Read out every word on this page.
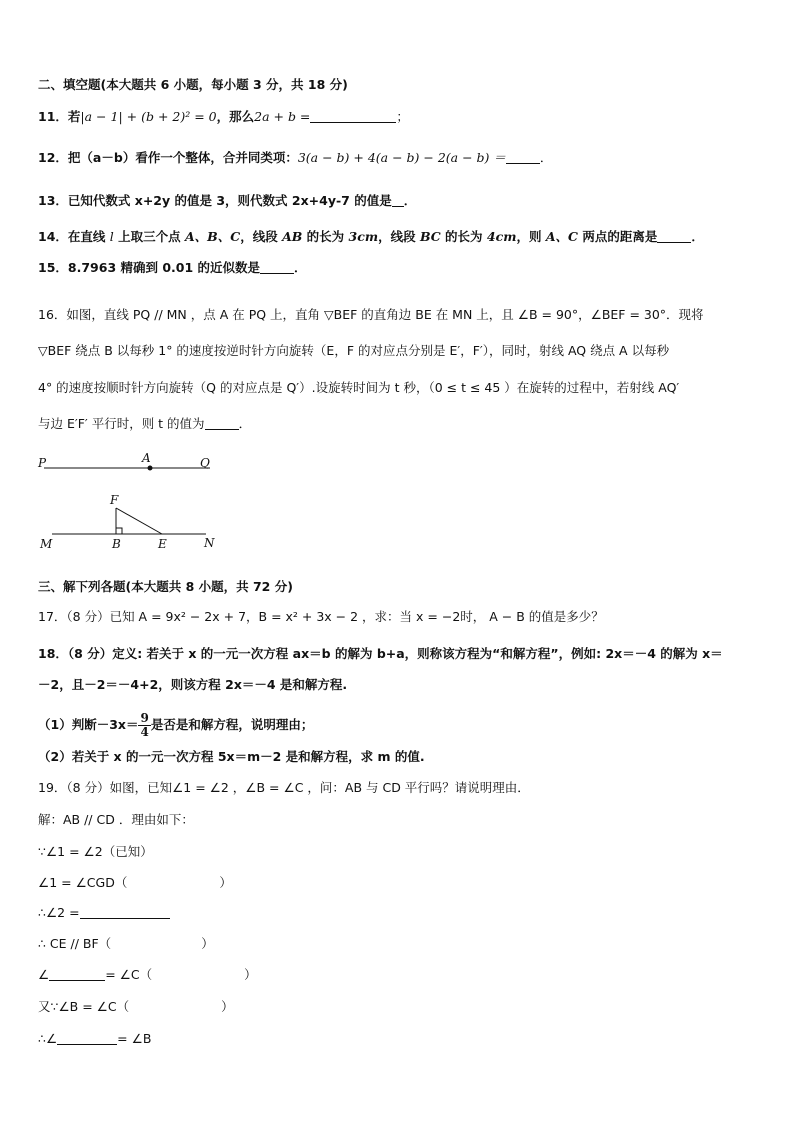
二、填空题(本大题共 6 小题，每小题 3 分，共 18 分)
11．若|a − 1| + (b + 2)² = 0，那么2a + b =	；
12．把（a－b）看作一个整体，合并同类项：3(a − b) + 4(a − b) − 2(a − b) ＝	．
13．已知代数式 x+2y 的值是 3，则代数式 2x+4y-7 的值是 ．
14．在直线 l 上取三个点 A、B、C，线段 AB 的长为 3cm，线段 BC 的长为 4cm，则 A、C 两点的距离是	．
15．8.7963 精确到 0.01 的近似数是	．
16．如图，直线 PQ // MN ，点 A 在 PQ 上，直角 ▽BEF 的直角边 BE 在 MN 上，且 ∠B = 90°，∠BEF = 30°．现将
▽BEF 绕点 B 以每秒 1° 的速度按逆时针方向旋转（E，F 的对应点分别是 E′，F′），同时，射线 AQ 绕点 A 以每秒
4° 的速度按顺时针方向旋转（Q 的对应点是 Q′）.设旋转时间为 t 秒，（0 ≤ t ≤ 45 ）在旋转的过程中，若射线 AQ′
与边 E′F′ 平行时，则 t 的值为	．
P	A	Q
F
M	B	E	N
三、解下列各题(本大题共 8 小题，共 72 分)
17．（8 分）已知 A = 9x² − 2x + 7，B = x² + 3x − 2 ，求：当 x = −2时， A − B 的值是多少？
18．（8 分）定义: 若关于 x 的一元一次方程 ax＝b 的解为 b+a，则称该方程为“和解方程”，例如: 2x＝－4 的解为 x＝
－2，且－2＝－4+2，则该方程 2x＝－4 是和解方程.
（1）判断$-3x= \frac{9}{4}$ 是否是和解方程，说明理由；
（2）若关于 x 的一元一次方程 5x＝m－2 是和解方程，求 m 的值.
19．（8 分）如图，已知∠1 = ∠2 ，∠B = ∠C ，问：AB 与 CD 平行吗？请说明理由．
解：AB // CD ．理由如下：
∵∠1 = ∠2（已知）
∠1 = ∠CGD（	）
∴∠2 =
∴ CE // BF（	）
∠	= ∠C（	）
又∵∠B = ∠C（	）
∴∠	= ∠B
